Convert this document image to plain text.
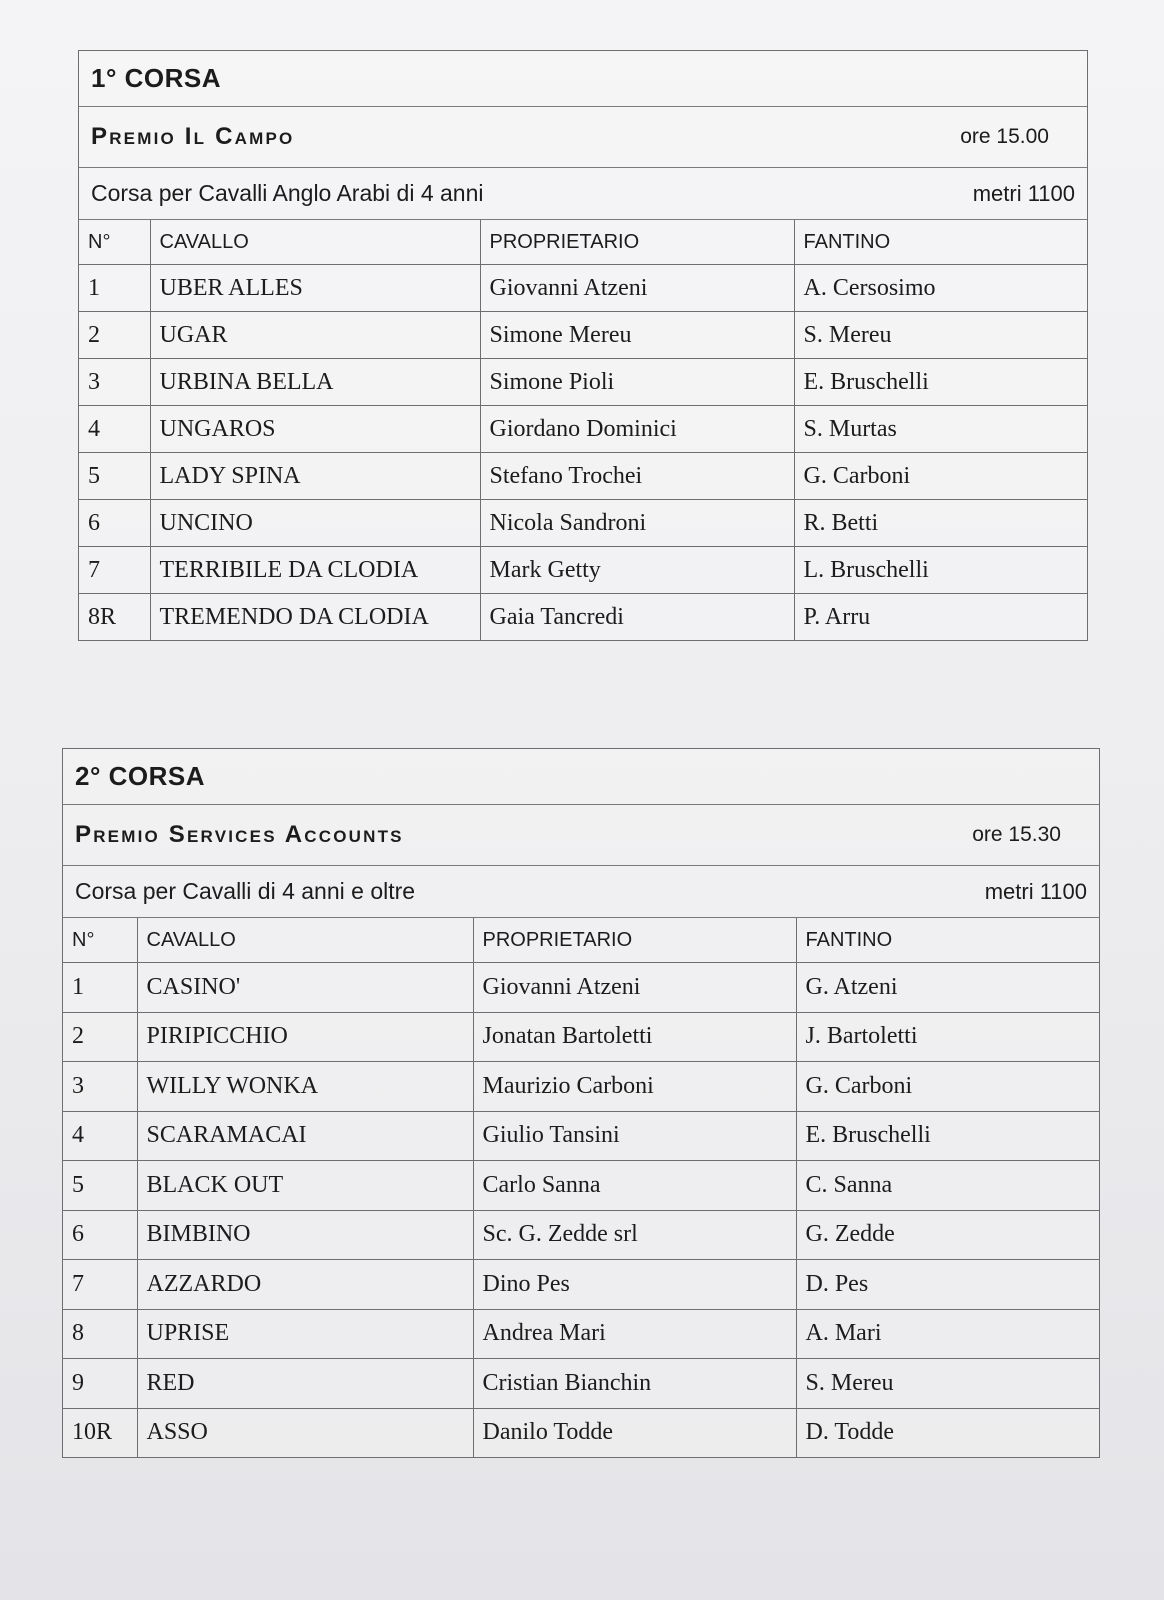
1° CORSA
Premio Il Campo	ore 15.00
Corsa per Cavalli Anglo Arabi di 4 anni	metri 1100
N°	CAVALLO	PROPRIETARIO	FANTINO
1	UBER ALLES	Giovanni Atzeni	A. Cersosimo
2	UGAR	Simone Mereu	S. Mereu
3	URBINA BELLA	Simone Pioli	E. Bruschelli
4	UNGAROS	Giordano Dominici	S. Murtas
5	LADY SPINA	Stefano Trochei	G. Carboni
6	UNCINO	Nicola Sandroni	R. Betti
7	TERRIBILE DA CLODIA	Mark Getty	L. Bruschelli
8R	TREMENDO DA CLODIA	Gaia Tancredi	P. Arru
2° CORSA
Premio Services Accounts	ore 15.30
Corsa per Cavalli di 4 anni e oltre	metri 1100
N°	CAVALLO	PROPRIETARIO	FANTINO
1	CASINO'	Giovanni Atzeni	G. Atzeni
2	PIRIPICCHIO	Jonatan Bartoletti	J. Bartoletti
3	WILLY WONKA	Maurizio Carboni	G. Carboni
4	SCARAMACAI	Giulio Tansini	E. Bruschelli
5	BLACK OUT	Carlo Sanna	C. Sanna
6	BIMBINO	Sc. G. Zedde srl	G. Zedde
7	AZZARDO	Dino Pes	D. Pes
8	UPRISE	Andrea Mari	A. Mari
9	RED	Cristian Bianchin	S. Mereu
10R	ASSO	Danilo Todde	D. Todde
